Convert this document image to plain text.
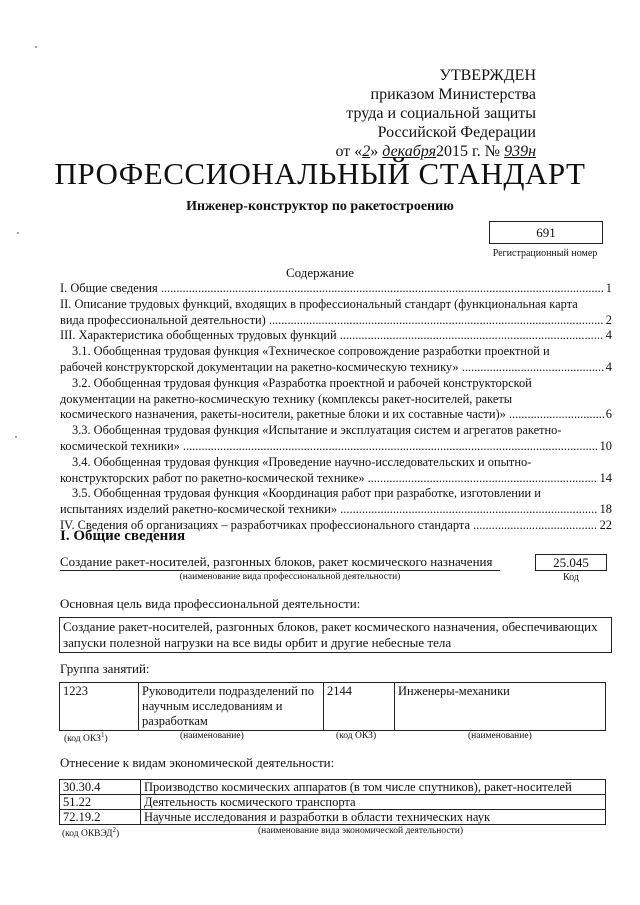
УТВЕРЖДЕН
приказом Министерства
труда и социальной защиты
Российской Федерации
от «2» декабря2015 г. № 939н
ПРОФЕССИОНАЛЬНЫЙ СТАНДАРТ
Инженер-конструктор по ракетостроению
691
Регистрационный номер
Содержание
I. Общие сведения .....	1
II. Описание трудовых функций, входящих в профессиональный стандарт (функциональная карта
вида профессиональной деятельности) .....	2
III. Характеристика обобщенных трудовых функций .....	4
3.1. Обобщенная трудовая функция «Техническое сопровождение разработки проектной и
рабочей конструкторской документации на ракетно-космическую технику» .....	4
3.2. Обобщенная трудовая функция «Разработка проектной и рабочей конструкторской
документации на ракетно-космическую технику (комплексы ракет-носителей, ракеты
космического назначения, ракеты-носители, ракетные блоки и их составные части)» .....	6
3.3. Обобщенная трудовая функция «Испытание и эксплуатация систем и агрегатов ракетно-
космической техники» .....	10
3.4. Обобщенная трудовая функция «Проведение научно-исследовательских и опытно-
конструкторских работ по ракетно-космической технике» .....	14
3.5. Обобщенная трудовая функция «Координация работ при разработке, изготовлении и
испытаниях изделий ракетно-космической техники» .....	18
IV. Сведения об организациях – разработчиках профессионального стандарта .....	22
I. Общие сведения
Создание ракет-носителей, разгонных блоков, ракет космического назначения
(наименование вида профессиональной деятельности)
25.045
Код
Основная цель вида профессиональной деятельности:
Создание ракет-носителей, разгонных блоков, ракет космического назначения, обеспечивающих запуски полезной нагрузки на все виды орбит и другие небесные тела
Группа занятий:
1223	Руководители подразделений по научным исследованиям и разработкам	2144	Инженеры-механики
(код ОКЗ$^1$)	(наименование)	(код ОКЗ)	(наименование)
Отнесение к видам экономической деятельности:
30.30.4	Производство космических аппаратов (в том числе спутников), ракет-носителей
51.22	Деятельность космического транспорта
72.19.2	Научные исследования и разработки в области технических наук
(код ОКВЭД$^2$)	(наименование вида экономической деятельности)
